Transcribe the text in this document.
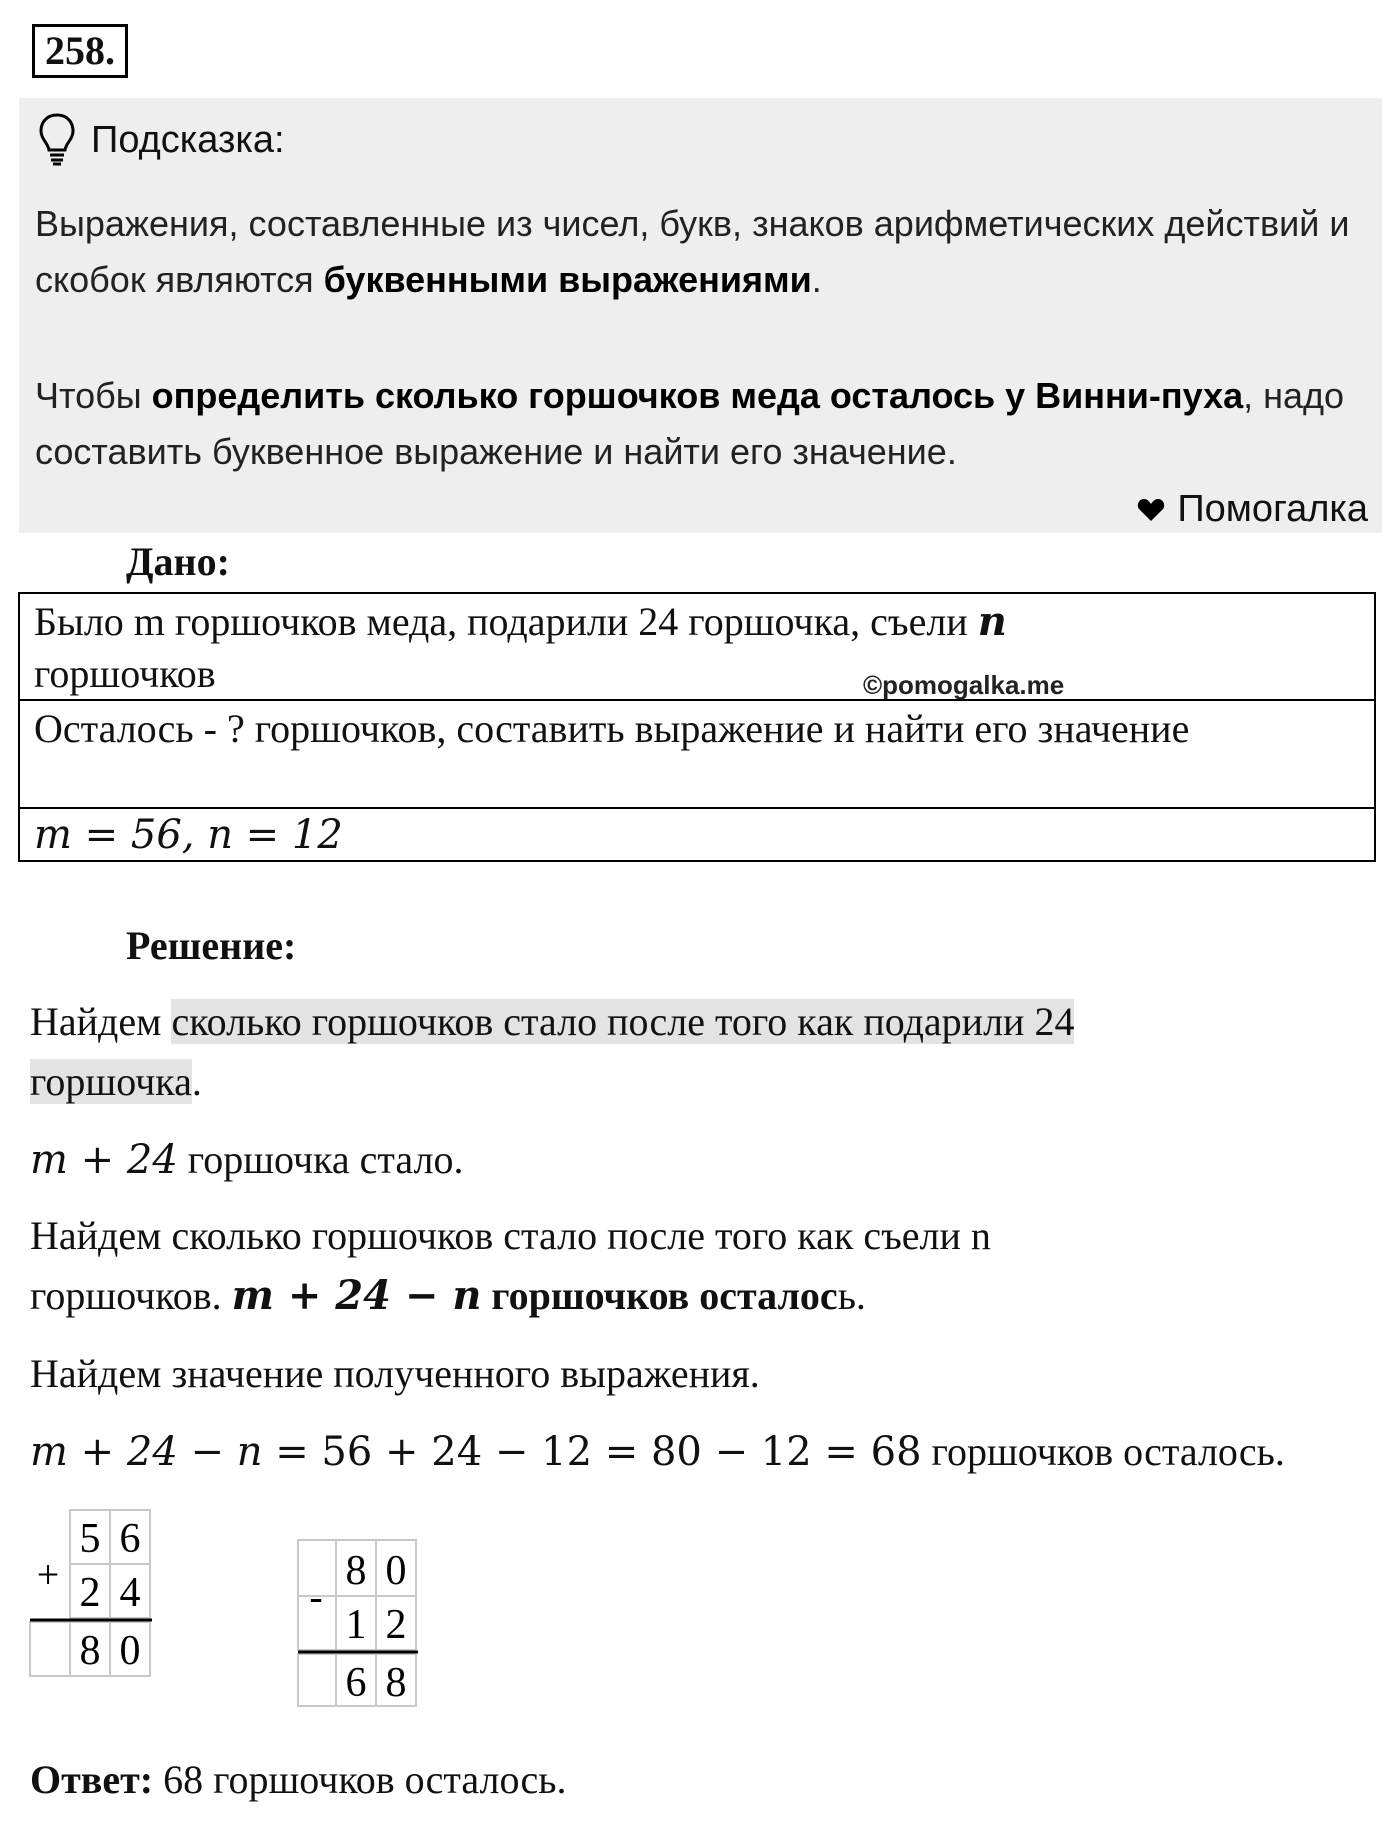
258.
Подсказка:
Выражения, составленные из чисел, букв, знаков арифметических действий и скобок являются буквенными выражениями.
Чтобы определить сколько горшочков меда осталось у Винни-пуха, надо составить буквенное выражение и найти его значение.
Помогалка
Дано:
Было m горшочков меда, подарили 24 горшочка, съели n
горшочков
Осталось - ? горшочков, составить выражение и найти его значение
m = 56, n = 12
©pomogalka.me
Решение:
Найдем сколько горшочков стало после того как подарили 24
горшочка.
m + 24 горшочка стало.
Найдем сколько горшочков стало после того как съели n
горшочков. m + 24 − n горшочков осталось.
Найдем значение полученного выражения.
m + 24 − n = 56 + 24 − 12 = 80 − 12 = 68 горшочков осталось.
+
5 6
2 4
8 0
-
8 0
1 2
6 8
Ответ: 68 горшочков осталось.
